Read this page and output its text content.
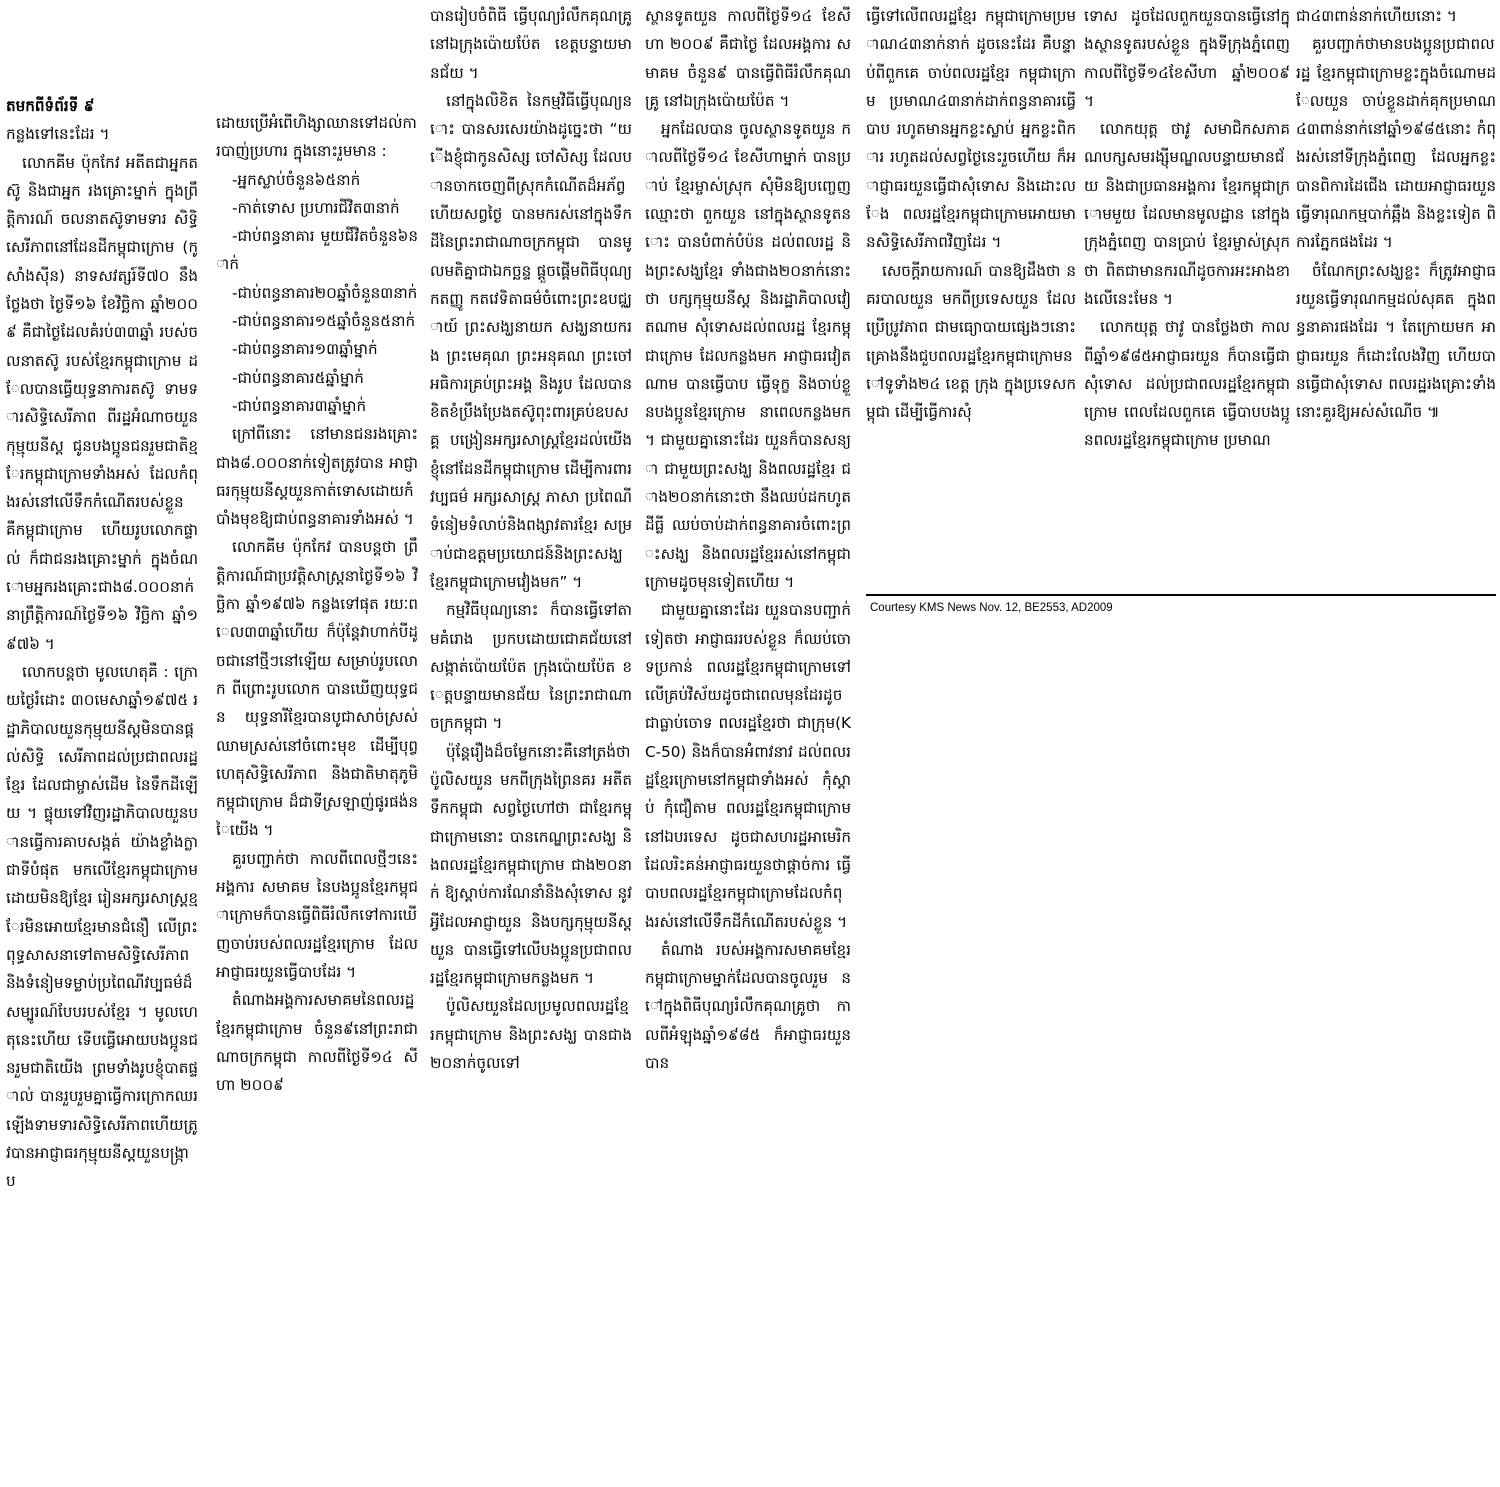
តមកពីទំព័រទី ៩

កន្លងទៅនេះដែរ ។

លោកគីម ប៉ុកកែវ អតីតជាអ្នកតស៊ូ និងជាអ្នក រងគ្រោះម្នាក់ ក្នុងព្រឹត្តិការណ៍ ចលនាតស៊ូទាមទារ សិទ្ធិសេរីភាពនៅដែនដីកម្ពុជាក្រោម (កូសាំងស៊ីន) នាទសវត្សរ៍ទី៧០ នឹងថ្លែងថា ថ្ងៃទី១៦ ខែវិច្ឆិកា ឆ្នាំ២០០៩ គឺជាថ្ងៃដែលគំរប់៣៣ឆ្នាំ របស់ចលនាតស៊ូ របស់ខ្មែរកម្ពុជាក្រោម ដែលបានធ្វើយុទ្ធនាការតស៊ូ ទាមទារសិទ្ធិសេរីភាព ពីរដ្ឋអំណាចយួនកុម្មុយនីស្ត ជូនបងប្អូនជនរួមជាតិខ្មែរកម្ពុជាក្រោមទាំងអស់ ដែលកំពុងរស់នៅលើទឹកកំណើតរបស់ខ្លួន គឺកម្ពុជាក្រោម ហើយរូបលោកផ្ទាល់ ក៏ជាជនរងគ្រោះម្នាក់ ក្នុងចំណោមអ្នករងគ្រោះជាង៨.០០០នាក់នាព្រឹត្តិការណ៍ថ្ងៃទី១៦ វិច្ឆិកា ឆ្នាំ១៩៧៦ ។

លោកបន្តថា មូលហេតុគឺ : ក្រោយថ្ងៃរំដោះ ៣០មេសាឆ្នាំ១៩៧៥ រដ្ឋាភិបាលយួនកុម្មុយនីស្តមិនបានផ្តល់សិទ្ធិ សេរីភាពដល់ប្រជាពលរដ្ឋខ្មែរ ដែលជាម្ចាស់ដើម នៃទឹកដីឡើយ ។ ផ្ទុយទៅវិញរដ្ឋាភិបាលយួនបានធ្វើការគាបសង្កត់ យ៉ាងខ្លាំងក្លាជាទីបំផុត មកលើខ្មែរកម្ពុជាក្រោម ដោយមិនឱ្យខ្មែរ រៀនអក្សរសាស្ត្រខ្មែរមិនអោយខ្មែរមានជំនឿ លើព្រះពុទ្ធសាសនាទៅតាមសិទ្ធិសេរីភាព និងទំនៀមទម្លាប់ប្រពៃណីវប្បធម៌ដ៏សម្បូរណ៍បែបរបស់ខ្មែរ ។ មូលហេតុនេះហើយ ទើបធ្វើអោយបងប្អូនជនរួមជាតិយើង ព្រមទាំងរូបខ្ញុំបាតផ្ទាល់ បានរួបរួមគ្នាធ្វើការក្រោកឈរឡើងទាមទារសិទ្ធិសេរីភាពហើយត្រូវបានអាជ្ញាធរកុម្មុយនីស្តយួនបង្រ្កាប

ដោយប្រើអំពើហិង្សាឈានទៅដល់ការបាញ់ប្រហារ ក្នុងនោះរួមមាន :

-អ្នកស្លាប់ចំនួន៦៥នាក់

-កាត់ទោស ប្រហារជីវិត៣នាក់

-ជាប់ពន្ធនាគារ មួយជីវិតចំនួន៦នាក់

-ជាប់ពន្ធនាគារ២០ឆ្នាំចំនួន៣នាក់

-ជាប់ពន្ធនាគារ១៥ឆ្នាំចំនួន៥នាក់

-ជាប់ពន្ធនាគារ១៣ឆ្នាំម្នាក់

-ជាប់ពន្ធនាគារ៥ឆ្នាំម្នាក់

-ជាប់ពន្ធនាគារ៣ឆ្នាំម្នាក់

ក្រៅពីនោះ នៅមានជនរងគ្រោះ ជាង៨.០០០នាក់ទៀតត្រូវបាន អាជ្ញាធរកុម្មុយនីស្តយួនកាត់ទោសដោយកំបាំងមុខឱ្យជាប់ពន្ធនាគារទាំងអស់ ។

លោកគីម ប៉ុកកែវ បានបន្តថា ព្រឹត្តិការណ៍ជាប្រវត្តិសាស្ត្រនាថ្ងៃទី១៦ វិច្ឆិកា ឆ្នាំ១៩៧៦ កន្លងទៅផុត រយៈពេល៣៣ឆ្នាំហើយ ក៏ប៉ុន្តែវាហាក់បីដូចជានៅថ្មីៗនៅឡើយ សម្រាប់រូបលោក ពីព្រោះរូបលោក បានឃើញយុទ្ធជន យុទ្ធនារីខ្មែរបានបូជាសាច់ស្រស់ ឈាមស្រស់នៅចំពោះមុខ ដើម្បីបុព្វហេតុសិទ្ធិសេរីភាព និងជាតិមាតុភូមិកម្ពុជាក្រោម ដ៏ជាទីស្រឡាញ់ផូរផង់នៃយើង ។

គួរបញ្ជាក់ថា កាលពីពេលថ្មីៗនេះ អង្គការ សមាគម នៃបងប្អូនខ្មែរកម្ពុជាក្រោមក៏បានធ្វើពិធីរំលឹកទៅការឃើញចាប់របស់ពលរដ្ឋខ្មែរក្រោម ដែលអាជ្ញាធរយួនធ្វើបាបដែរ ។

តំណាងអង្គការសមាគមនៃពលរដ្ឋខ្មែរកម្ពុជាក្រោម ចំនួន៩នៅព្រះរាជាណាចក្រកម្ពុជា កាលពីថ្ងៃទី១៤ សីហា ២០០៩

បានរៀបចំពិធី ធ្វើបុណ្យរំលឹកគុណគ្រូ នៅឯក្រុងប៉ោយប៉ែត ខេត្តបន្ទាយមានជ័យ ។

នៅក្នុងលិខិត នៃកម្មវិធីធ្វើបុណ្យនោះ បានសរសេរយ៉ាងដូច្នេះថា “យើងខ្ញុំជាកូនសិស្ស ចៅសិស្ស ដែលបានចាកចេញពីស្រុកកំណើតដ៏អភ័ព្វហើយសព្វថ្ងៃ បានមករស់នៅក្នុងទឹកដីនៃព្រះរាជាណាចក្រកម្ពុជា បានមូលមតិគ្នាជាឯកច្ឆន្ទ ផ្តួចផ្តើមពិធីបុណ្យកតញ្ញូ កតវេទិតាធម៌ចំពោះព្រះឧបជ្ឈាយ៍ ព្រះសង្ឃនាយក សង្ឃនាយករង ព្រះមេគុណ ព្រះអនុគណ ព្រះចៅអធិការគ្រប់ព្រះអង្គ និងរូប ដែលបានខិតខំប្រឹងប្រែងតស៊ូពុះពារគ្រប់ឧបសគ្គ បង្រៀនអក្សរសាស្ត្រខ្មែរដល់យើងខ្ញុំនៅដែនដីកម្ពុជាក្រោម ដើម្បីការពារ វប្បធម៌ អក្សរសាស្ត្រ ភាសា ប្រពៃណី ទំនៀមទំលាប់និងពង្សាវតារខ្មែរ សម្រាប់ជាឧត្តមប្រយោជន៍និងព្រះសង្ឃខ្មែរកម្ពុជាក្រោមវៀងមក” ។

កម្មវិធីបុណ្យនោះ ក៏បានធ្វើទៅតាមគំរោង ប្រកបដោយជោគជ័យនៅសង្កាត់ប៉ោយប៉ែត ក្រុងប៉ោយប៉ែត ខេត្តបន្ទាយមានជ័យ នៃព្រះរាជាណាចក្រកម្ពុជា ។

ប៉ុន្តែរឿងដ៏ចម្លែកនោះគឺនៅត្រង់ថា ប៉ូលិសយួន មកពីក្រុងព្រៃនគរ អតីតទឹកកម្ពុជា សព្វថ្ងៃហៅថា ជាខ្មែរកម្ពុជាក្រោមនោះ បានកេណ្ឌព្រះសង្ឃ និងពលរដ្ឋខ្មែរកម្ពុជាក្រោម ជាង២០នាក់ ឱ្យស្តាប់ការណែនាំនិងសុំទោស នូវអ្វីដែលអាជ្ញាយួន និងបក្សកុម្មុយនីស្តយួន បានធ្វើទៅលើបងប្អូនប្រជាពលរដ្ឋខ្មែរកម្ពុជាក្រោមកន្លងមក ។

ប៉ូលិសយួនដែលប្រមូលពលរដ្ឋខ្មែរកម្ពុជាក្រោម និងព្រះសង្ឃ បានជាង២០នាក់ចូលទៅ

ស្ថានទូតយួន កាលពីថ្ងៃទី១៤ ខែសីហា ២០០៩ គឺជាថ្ងៃ ដែលអង្គការ សមាគម ចំនួន៩ បានធ្វើពិធីរំលឹកគុណគ្រូ នៅឯក្រុងប៉ោយប៉ែត ។

អ្នកដែលបាន ចូលស្ថានទូតយួន កាលពីថ្ងៃទី១៤ ខែសីហាម្នាក់ បានប្រាប់ ខ្មែរម្ចាស់ស្រុក សុំមិនឱ្យបញ្ចេញឈ្មោះថា ពួកយួន នៅក្នុងស្ថានទូតនោះ បានបំពាក់បំប៉ន ដល់ពលរដ្ឋ និងព្រះសង្ឃខ្មែរ ទាំងជាង២០នាក់នោះថា បក្សកុម្មុយនីស្ត និងរដ្ឋាភិបាលវៀតណាម សុំទោសដល់ពលរដ្ឋ ខ្មែរកម្ពុជាក្រោម ដែលកន្លងមក អាជ្ញាធរវៀតណាម បានធ្វើបាប ធ្វើទុក្ខ និងចាប់ខ្លួនបងប្អូនខ្មែរក្រោម នាពេលកន្លងមក ។ ជាមួយគ្នានោះដែរ យួនក៏បានសន្យា ជាមួយព្រះសង្ឃ និងពលរដ្ឋខ្មែរ ជាង២០នាក់នោះថា នឹងឈប់ដកហូតដីធ្លី ឈប់ចាប់ដាក់ពន្ធនាគារចំពោះព្រះសង្ឃ និងពលរដ្ឋខ្មែររស់នៅកម្ពុជាក្រោមដូចមុនទៀតហើយ ។

ជាមួយគ្នានោះដែរ យួនបានបញ្ជាក់ទៀតថា អាជ្ញាធររបស់ខ្លួន ក៏ឈប់ចោទប្រកាន់ ពលរដ្ឋខ្មែរកម្ពុជាក្រោមទៅលើគ្រប់វិស័យដូចជាពេលមុនដែរដូចជាធ្លាប់ចោទ ពលរដ្ឋខ្មែរថា ជាក្រុម(KC-50) និងក៏បានអំពាវនាវ ដល់ពលរដ្ឋខ្មែរក្រោមនៅកម្ពុជាទាំងអស់ កុំស្តាប់ កុំជឿតាម ពលរដ្ឋខ្មែរកម្ពុជាក្រោមនៅឯបរទេស ដូចជាសហរដ្ឋអាមេរិក ដែលរិះគន់អាជ្ញាធរយួនថាផ្តាច់ការ ធ្វើបាបពលរដ្ឋខ្មែរកម្ពុជាក្រោមដែលកំពុងរស់នៅលើទឹកដីកំណើតរបស់ខ្លួន ។

តំណាង របស់អង្គការសមាគមខ្មែរកម្ពុជាក្រោមម្នាក់ដែលបានចូលរួម នៅក្នុងពិធីបុណ្យរំលឹកគុណគ្រូថា កាលពីអំឡុងឆ្នាំ១៩៨៥ ក៏អាជ្ញាធរយួន បាន

ធ្វើទៅលើពលរដ្ឋខ្មែរ កម្ពុជាក្រោមប្រមាណ៤៣នាក់នាក់ ដូចនេះដែរ គឺបន្ទាប់ពីពួកគេ ចាប់ពលរដ្ឋខ្មែរ កម្ពុជាក្រោម ប្រមាណ៤៣នាក់ដាក់ពន្ធនាគារធ្វើបាប រហូតមានអ្នកខ្លះស្លាប់ អ្នកខ្លះពិការ រហូតដល់សព្វថ្ងៃនេះរួចហើយ ក៏អាជ្ញាធរយួនធ្វើជាសុំទោស និងដោះលែង ពលរដ្ឋខ្មែរកម្ពុជាក្រោមអោយមានសិទ្ធិសេរីភាពវិញដែរ ។

សេចក្តីរាយការណ៍ បានឱ្យដឹងថា នគរបាលយួន មកពីប្រទេសយួន ដែលប្រើប្រូវភាព ជាមធ្យោបាយផ្សេងៗនោះគ្រោងនឹងជួបពលរដ្ឋខ្មែរកម្ពុជាក្រោមនៅទូទាំង២៤ ខេត្ត ក្រុង ក្នុងប្រទេសកម្ពុជា ដើម្បីធ្វើការសុំ

ទោស ដូចដែលពួកយួនបានធ្វើនៅក្នុងស្ថានទូតរបស់ខ្លួន ក្នុងទីក្រុងភ្នំពេញ កាលពីថ្ងៃទី១៤ខែសីហា ឆ្នាំ២០០៩ ។

លោកយុត្ត ថាវូ សមាជិកសភាគណបក្សសមរង្ស៊ីមណ្ឌលបន្ទាយមានជ័យ និងជាប្រធានអង្គការ ខ្មែរកម្ពុជាក្រោមមួយ ដែលមានមូលដ្ឋាន នៅក្នុងក្រុងភ្នំពេញ បានប្រាប់ ខ្មែរម្ចាស់ស្រុក ថា ពិតជាមានករណីដូចការអះអាងខាងលើនេះមែន ។

លោកយុត្ត ថាវូ បានថ្លែងថា កាលពីឆ្នាំ១៩៨៥អាជ្ញាធរយួន ក៏បានធ្វើជាសុំទោស ដល់ប្រជាពលរដ្ឋខ្មែរកម្ពុជាក្រោម ពេលដែលពួកគេ ធ្វើបាបបងប្អូនពលរដ្ឋខ្មែរកម្ពុជាក្រោម ប្រមាណ

ជា៤៣ពាន់នាក់ហើយនោះ ។

គួរបញ្ជាក់ថាមានបងប្អូនប្រជាពលរដ្ឋ ខ្មែរកម្ពុជាក្រោមខ្លះក្នុងចំណោមដែលយួន ចាប់ខ្លួនដាក់គុកប្រមាណ៤៣ពាន់នាក់នៅឆ្នាំ១៩៨៥នោះ កំពុងរស់នៅទីក្រុងភ្នំពេញ ដែលអ្នកខ្លះ បានពិការដៃជើង ដោយអាជ្ញាធរយួនធ្វើទារុណកម្មបាក់ឆ្អឹង និងខ្លះទៀត ពិការភ្នែកផងដែរ ។

ចំណែកព្រះសង្ឃខ្លះ ក៏ត្រូវអាជ្ញាធរយួនធ្វើទារុណកម្មដល់សុគត ក្នុងពន្ធនាគារផងដែរ ។ តែក្រោយមក អាជ្ញាធរយួន ក៏ដោះលែងវិញ ហើយបានធ្វើជាសុំទោស ពលរដ្ឋរងគ្រោះទាំងនោះគួរឱ្យអស់សំណើច ៕

Courtesy KMS News Nov. 12, BE2553, AD2009
